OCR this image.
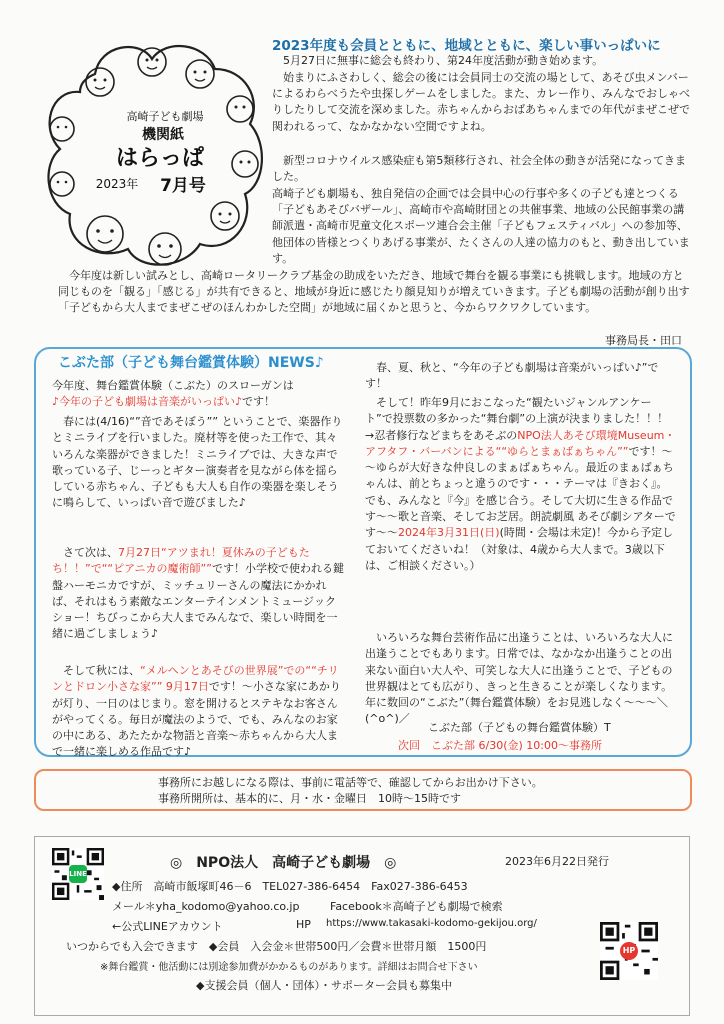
高崎子ども劇場
機関紙
はらっぱ
2023年	7月号
2023年度も会員とともに、地域とともに、楽しい事いっぱいに
5月27日に無事に総会も終わり、第24年度活動が動き始めます。
始まりにふさわしく、総会の後には会員同士の交流の場として、あそび虫メンバーによるわらべうたや虫探しゲームをしました。また、カレー作り、みんなでおしゃべりしたりして交流を深めました。赤ちゃんからおばあちゃんまでの年代がまぜこぜで関われるって、なかなかない空間ですよね。
新型コロナウイルス感染症も第5類移行され、社会全体の動きが活発になってきました。
高崎子ども劇場も、独自発信の企画では会員中心の行事や多くの子ども達とつくる「子どもあそびバザール」、高崎市や高崎財団との共催事業、地域の公民館事業の講師派遣・高崎市児童文化スポーツ連合会主催「子どもフェスティバル」への参加等、他団体の皆様とつくりあげる事業が、たくさんの人達の協力のもと、動き出しています。
今年度は新しい試みとし、高崎ロータリークラブ基金の助成をいただき、地域で舞台を観る事業にも挑戦します。地域の方と同じものを「観る」「感じる」が共有できると、地域が身近に感じたり顔見知りが増えていきます。子ども劇場の活動が創り出す「子どもから大人までまぜこぜのほんわかした空間」が地域に届くかと思うと、今からワクワクしています。
事務局長・田口
こぶた部（子ども舞台鑑賞体験）NEWS♪
今年度、舞台鑑賞体験（こぶた）のスローガンは
♪今年の子ども劇場は音楽がいっぱい♪です！
春には(4/16)“”音であそぼう”” ということで、楽器作りとミニライブを行いました。廃材等を使った工作で、其々いろんな楽器ができました！ミニライブでは、大きな声で歌っている子、じーっとギター演奏者を見ながら体を揺らしている赤ちゃん、子どもも大人も自作の楽器を楽しそうに鳴らして、いっぱい音で遊びました♪
さて次は、7月27日“アツまれ！夏休みの子どもたち！！”で““ピアニカの魔術師””です！小学校で使われる鍵盤ハーモニカですが、ミッチュリーさんの魔法にかかれば、それはもう素敵なエンターテインメントミュージックショー！ちびっこから大人までみんなで、楽しい時間を一緒に過ごしましょう♪
そして秋には、“メルヘンとあそびの世界展”での““チリンとドロン小さな家”” 9月17日です！～小さな家にあかりが灯り、一日のはじまり。窓を開けるとステキなお客さんがやってくる。毎日が魔法のようで、でも、みんなのお家の中にある、あたたかな物語と音楽～赤ちゃんから大人まで一緒に楽しめる作品です♪
春、夏、秋と、“今年の子ども劇場は音楽がいっぱい♪”です！
そして！昨年9月におこなった“観たいジャンルアンケート”で投票数の多かった“舞台劇”の上演が決まりました！！！→忍者修行などまちをあそぶのNPO法人あそび環境Museum・アフタフ・バーバンによる““ゆらとまぁばぁちゃん””です！～～ゆらが大好きな仲良しのまぁばぁちゃん。最近のまぁばぁちゃんは、前とちょっと違うのです・・・テーマは『きおく』。でも、みんなと『今』を感じ合う。そして大切に生きる作品です～～歌と音楽、そしてお芝居。朗読劇風 あそび劇シアターです～～2024年3月31日(日)(時間・会場は未定)！今から予定しておいてくださいね！（対象は、4歳から大人まで。3歳以下は、ご相談ください。）
いろいろな舞台芸術作品に出逢うことは、いろいろな大人に出逢うことでもあります。日常では、なかなか出逢うことの出来ない面白い大人や、可笑しな大人に出逢うことで、子どもの世界観はとても広がり、きっと生きることが楽しくなります。年に数回の“こぶた”（舞台鑑賞体験）をお見逃しなく～～～＼(^o^)／
こぶた部（子どもの舞台鑑賞体験）T
次回　こぶた部 6/30(金) 10:00～事務所
事務所にお越しになる際は、事前に電話等で、確認してからお出かけ下さい。
事務所開所は、基本的に、月・水・金曜日　10時～15時です
LINE
◎　NPO法人　高崎子ども劇場　◎	2023年6月22日発行
◆住所　高崎市飯塚町46－6　TEL027-386-6454　Fax027-386-6453
メール＊yha_kodomo@yahoo.co.jp	Facebook＊高崎子ども劇場で検索
←公式LINEアカウント	HP https://www.takasaki-kodomo-gekijou.org/
いつからでも入会できます　◆会員　入会金＊世帯500円／会費＊世帯月額　1500円
※舞台鑑賞・他活動には別途参加費がかかるものがあります。詳細はお問合せ下さい
◆支援会員（個人・団体）・サポーター会員も募集中
HP
